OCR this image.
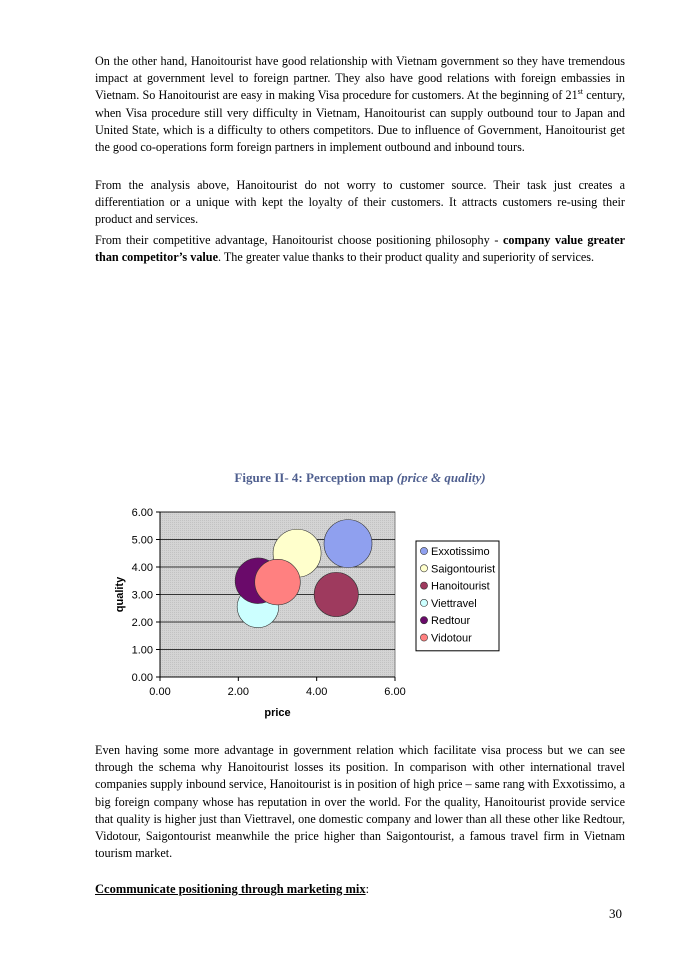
On the other hand, Hanoitourist have good relationship with Vietnam government so they have tremendous impact at government level to foreign partner. They also have good relations with foreign embassies in Vietnam. So Hanoitourist are easy in making Visa procedure for customers. At the beginning of 21st century, when Visa procedure still very difficulty in Vietnam, Hanoitourist can supply outbound tour to Japan and United State, which is a difficulty to others competitors. Due to influence of Government, Hanoitourist get the good co-operations form foreign partners in implement outbound and inbound tours.

From the analysis above, Hanoitourist do not worry to customer source. Their task just creates a differentiation or a unique with kept the loyalty of their customers. It attracts customers re-using their product and services.

From their competitive advantage, Hanoitourist choose positioning philosophy - company value greater than competitor’s value. The greater value thanks to their product quality and superiority of services.

Figure II- 4: Perception map (price & quality)
0.00
1.00
2.00
3.00
4.00
5.00
6.00
0.00	2.00	4.00	6.00
price
quality
Exxotissimo
Saigontourist
Hanoitourist
Viettravel
Redtour
Vidotour

Even having some more advantage in government relation which facilitate visa process but we can see through the schema why Hanoitourist losses its position. In comparison with other international travel companies supply inbound service, Hanoitourist is in position of high price – same rang with Exxotissimo, a big foreign company whose has reputation in over the world. For the quality, Hanoitourist provide service that quality is higher just than Viettravel, one domestic company and lower than all these other like Redtour, Vidotour, Saigontourist meanwhile the price higher than Saigontourist, a famous travel firm in Vietnam tourism market.

Ccommunicate positioning through marketing mix:
30
